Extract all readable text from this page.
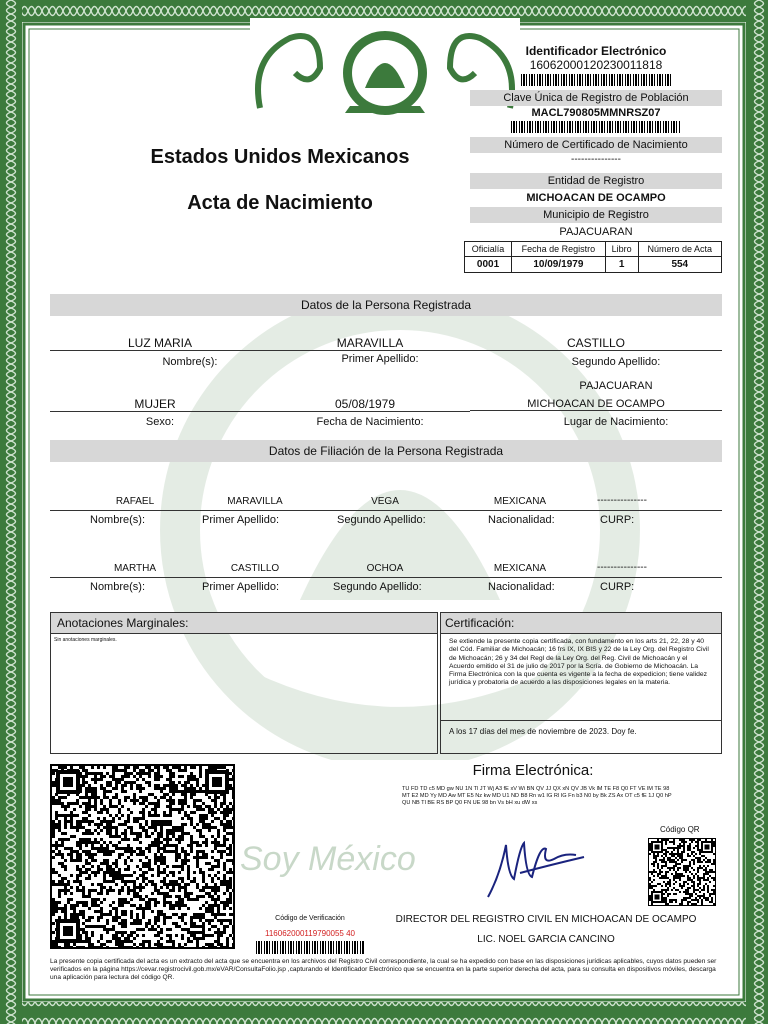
Estados Unidos Mexicanos
Acta de Nacimiento
Identificador Electrónico
16062000120230011818
Clave Única de Registro de Población
MACL790805MMNRSZ07
Número de Certificado de Nacimiento
---------------
Entidad de Registro
MICHOACAN DE OCAMPO
Municipio de Registro
PAJACUARAN
Oficialía	Fecha de Registro	Libro	Número de Acta
0001	10/09/1979	1	554
Datos de la Persona Registrada
LUZ MARIA
Nombre(s):
MARAVILLA
Primer Apellido:
CASTILLO
Segundo Apellido:
PAJACUARAN
MUJER
Sexo:
05/08/1979
Fecha de Nacimiento:
MICHOACAN DE OCAMPO
Lugar de Nacimiento:
Datos de Filiación de la Persona Registrada
RAFAEL	MARAVILLA	VEGA	MEXICANA	---------------
Nombre(s):	Primer Apellido:	Segundo Apellido:	Nacionalidad:	CURP:
MARTHA	CASTILLO	OCHOA	MEXICANA	---------------
Nombre(s):	Primer Apellido:	Segundo Apellido:	Nacionalidad:	CURP:
Anotaciones Marginales:
Sin anotaciones marginales.
Certificación:
Se extiende la presente copia certificada, con fundamento en los arts 21, 22, 28 y 40 del Cód. Familiar de Michoacán; 16 frs IX, IX BIS y 22 de la Ley Org. del Registro Civil de Michoacán; 26 y 34 del Regl de la Ley Org. del Reg. Civil de Michoacán y el Acuerdo emitido el 31 de julio de 2017 por la Scría. de Gobierno de Michoacán. La Firma Electrónica con la que cuenta es vigente a la fecha de expedicion; tiene validez jurídica y probatoria de acuerdo a las disposiciones legales en la materia.
A los 17 días del mes de noviembre de 2023. Doy fe.
Firma Electrónica:
TU FD TD c5 MD gw NU 1N Tl JT Wj A3 fE xV Wi BN QV JJ QX xN QV JB Vk lM TE F8 Q0 FT VE lM TE 98 MT E2 MD Yy MD Aw MT E5 Nz kw MD U1 ND B8 Rn w1 IG Rl IG Fn b3 N0 by Bk ZS Ax OT c5 fE 1J Q0 hP QU NB Tl BE RS BP Q0 FN UE 98 bn Vs bH xu dW xs
Código QR
Soy México
Código de Verificación
116062000119790055 40
DIRECTOR DEL REGISTRO CIVIL EN MICHOACAN DE OCAMPO
LIC. NOEL GARCIA CANCINO
La presente copia certificada del acta es un extracto del acta que se encuentra en los archivos del Registro Civil correspondiente, la cual se ha expedido con base en las disposiciones jurídicas aplicables, cuyos datos pueden ser verificados en la página https://cevar.registrocivil.gob.mx/eVAR/ConsultaFolio.jsp ,capturando el Identificador Electrónico que se encuentra en la parte superior derecha del acta, para su consulta en dispositivos móviles, descarga una aplicación para lectura del código QR.
